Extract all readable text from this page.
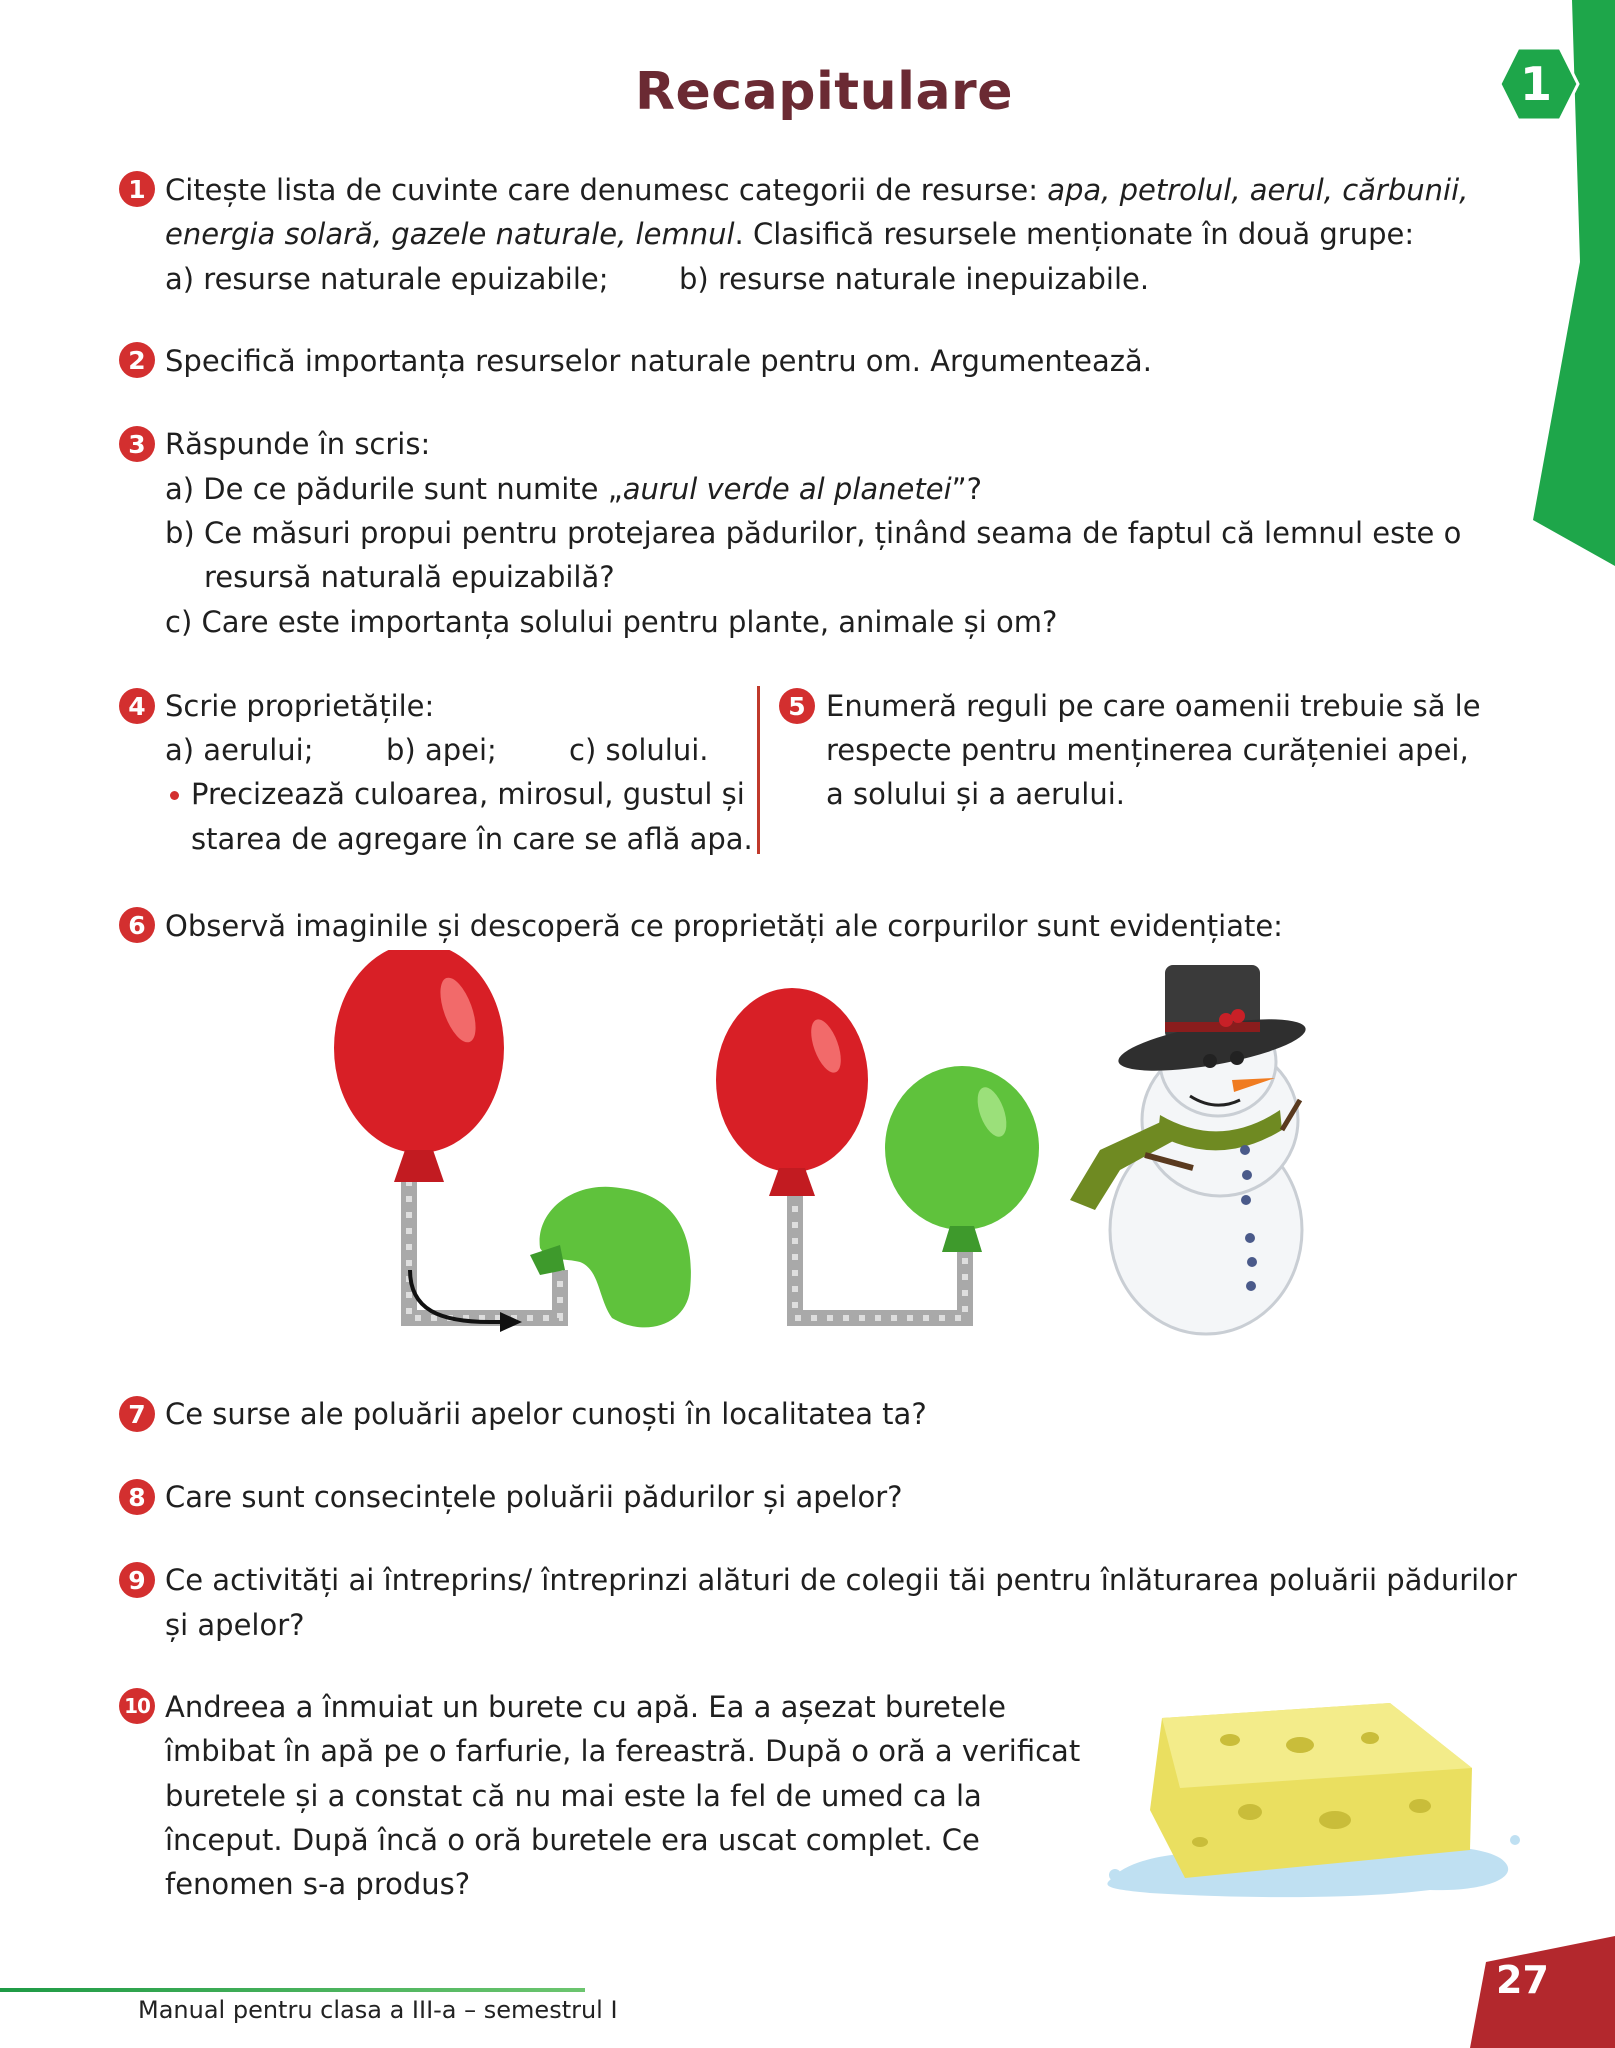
1
Recapitulare
1 Citește lista de cuvinte care denumesc categorii de resurse: apa, petrolul, aerul, cărbunii,
energia solară, gazele naturale, lemnul. Clasifică resursele menționate în două grupe:
a) resurse naturale epuizabile; b) resurse naturale inepuizabile.
2 Specifică importanța resurselor naturale pentru om. Argumentează.
3 Răspunde în scris:
a) De ce pădurile sunt numite „aurul verde al planetei”?
b) Ce măsuri propui pentru protejarea pădurilor, ținând seama de faptul că lemnul este o
resursă naturală epuizabilă?
c) Care este importanța solului pentru plante, animale și om?
4 Scrie proprietățile:
a) aerului;	b) apei; c) solului.
Precizează culoarea, mirosul, gustul și
starea de agregare în care se află apa.
5 Enumeră reguli pe care oamenii trebuie să le
respecte pentru menținerea curățeniei apei,
a solului și a aerului.
6 Observă imaginile și descoperă ce proprietăți ale corpurilor sunt evidențiate:
7 Ce surse ale poluării apelor cunoști în localitatea ta?
8 Care sunt consecințele poluării pădurilor și apelor?
9 Ce activități ai întreprins/ întreprinzi alături de colegii tăi pentru înlăturarea poluării pădurilor
și apelor?
10 Andreea a înmuiat un burete cu apă. Ea a așezat buretele
îmbibat în apă pe o farfurie, la fereastră. După o oră a verificat
buretele și a constat că nu mai este la fel de umed ca la
început. După încă o oră buretele era uscat complet. Ce
fenomen s-a produs?
Manual pentru clasa a III-a – semestrul I
27
